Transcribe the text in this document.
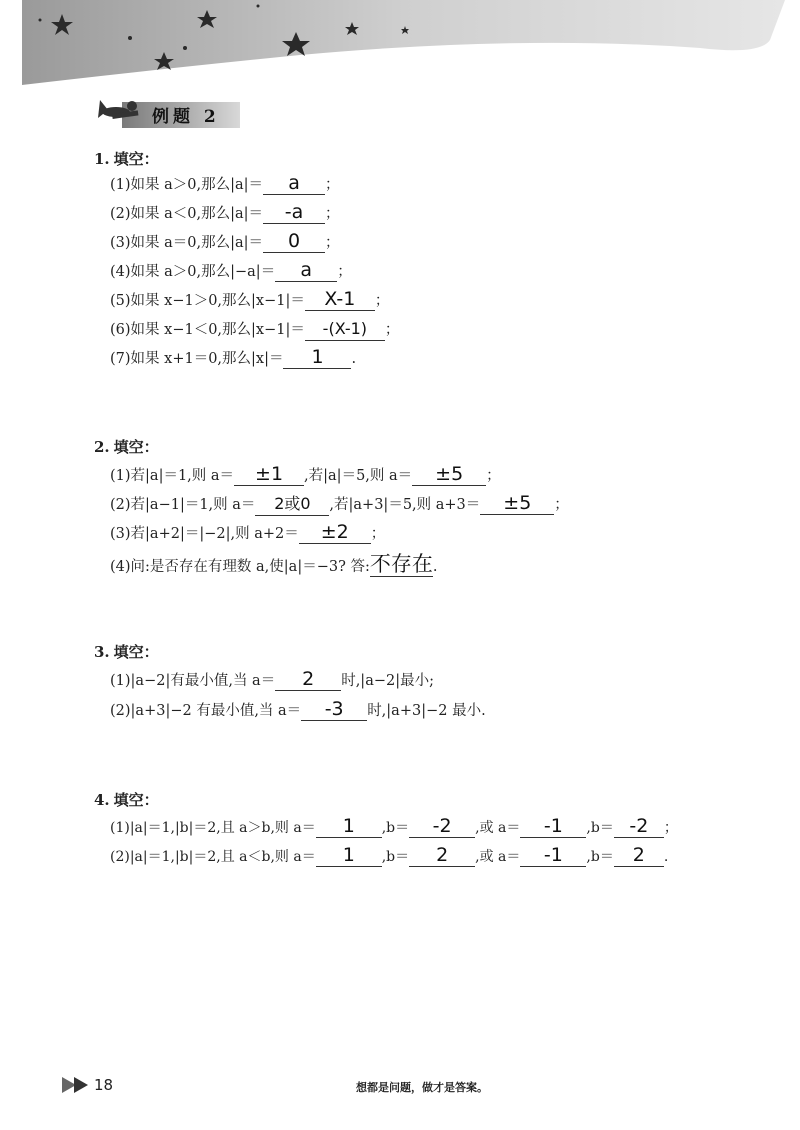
例题 2
1. 填空：
(1)如果 a＞0,那么|a|＝ a ；
(2)如果 a＜0,那么|a|＝ -a ；
(3)如果 a＝0,那么|a|＝ 0 ；
(4)如果 a＞0,那么|−a|＝ a ；
(5)如果 x−1＞0,那么|x−1|＝ X-1 ；
(6)如果 x−1＜0,那么|x−1|＝ -(X-1) ；
(7)如果 x+1＝0,那么|x|＝ 1 .
2. 填空：
(1)若|a|＝1,则 a＝ ±1 ,若|a|＝5,则 a＝ ±5 ；
(2)若|a−1|＝1,则 a＝ 2或0 ,若|a+3|＝5,则 a+3＝ ±5 ；
(3)若|a+2|＝|−2|,则 a+2＝ ±2 ；
(4)问:是否存在有理数 a,使|a|＝−3? 答:不存在.
3. 填空：
(1)|a−2|有最小值,当 a＝ 2 时,|a−2|最小;
(2)|a+3|−2 有最小值,当 a＝ -3 时,|a+3|−2 最小.
4. 填空：
(1)|a|＝1,|b|＝2,且 a＞b,则 a＝ 1 ,b＝ -2 ,或 a＝ -1 ,b＝ -2 ；
(2)|a|＝1,|b|＝2,且 a＜b,则 a＝ 1 ,b＝ 2 ,或 a＝ -1 ,b＝ 2 .
18	想都是问题，做才是答案。
